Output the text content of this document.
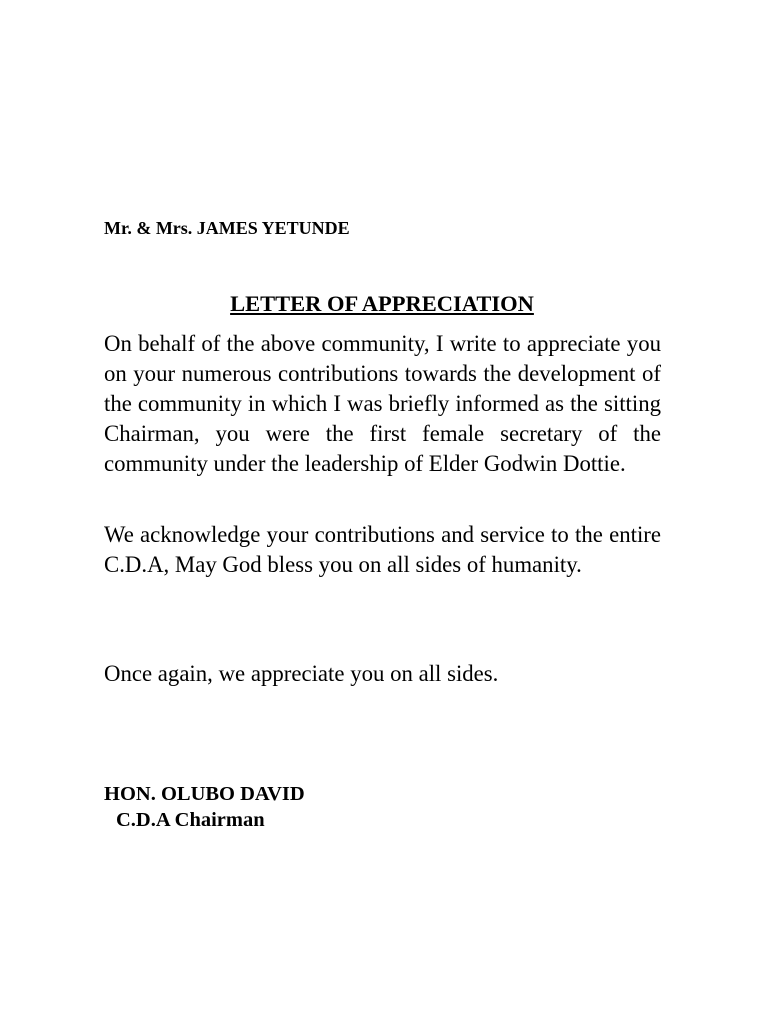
Mr. & Mrs. JAMES YETUNDE
LETTER OF APPRECIATION

On behalf of the above community, I write to appreciate you on your numerous contributions towards the development of the community in which I was briefly informed as the sitting Chairman, you were the first female secretary of the community under the leadership of Elder Godwin Dottie.

We acknowledge your contributions and service to the entire C.D.A, May God bless you on all sides of humanity.

Once again, we appreciate you on all sides.
HON. OLUBO DAVID
C.D.A Chairman
